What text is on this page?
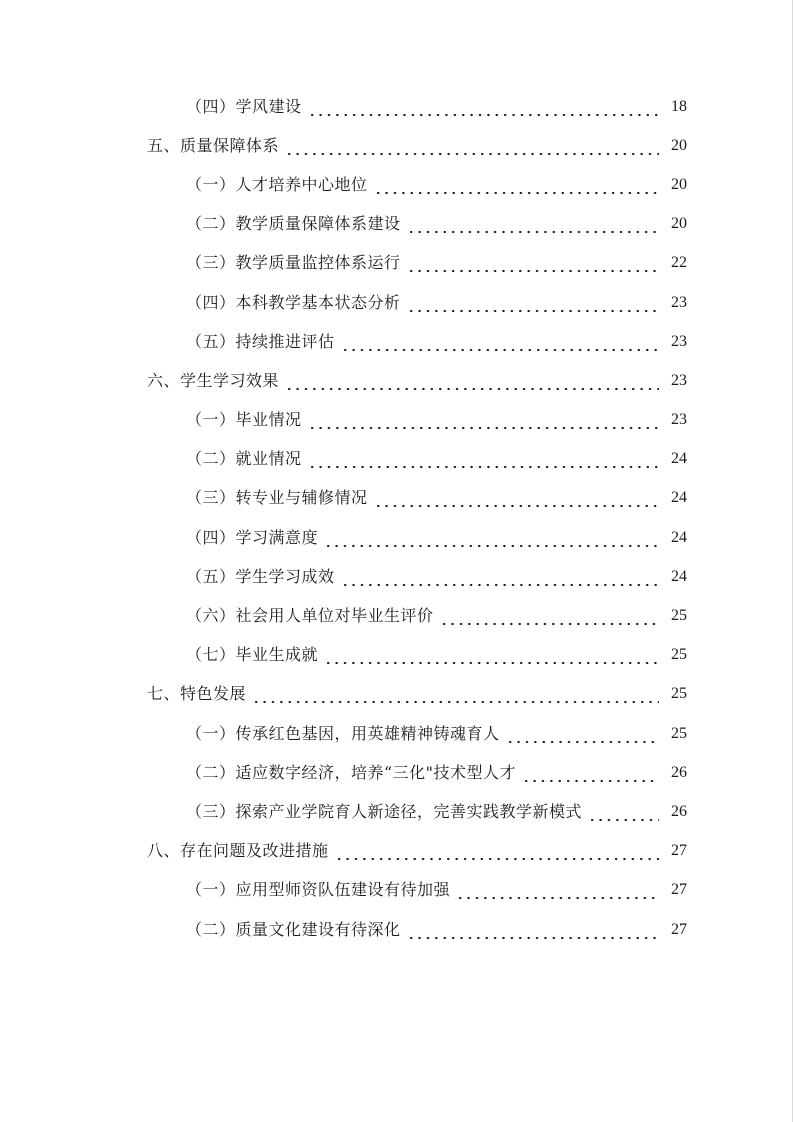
（四）学风建设	18
五、质量保障体系	20
（一）人才培养中心地位	20
（二）教学质量保障体系建设	20
（三）教学质量监控体系运行	22
（四）本科教学基本状态分析	23
（五）持续推进评估	23
六、学生学习效果	23
（一）毕业情况	23
（二）就业情况	24
（三）转专业与辅修情况	24
（四）学习满意度	24
（五）学生学习成效	24
（六）社会用人单位对毕业生评价	25
（七）毕业生成就	25
七、特色发展	25
（一）传承红色基因，用英雄精神铸魂育人	25
（二）适应数字经济，培养“三化"技术型人才	26
（三）探索产业学院育人新途径，完善实践教学新模式	26
八、存在问题及改进措施	27
（一）应用型师资队伍建设有待加强	27
（二）质量文化建设有待深化	27
